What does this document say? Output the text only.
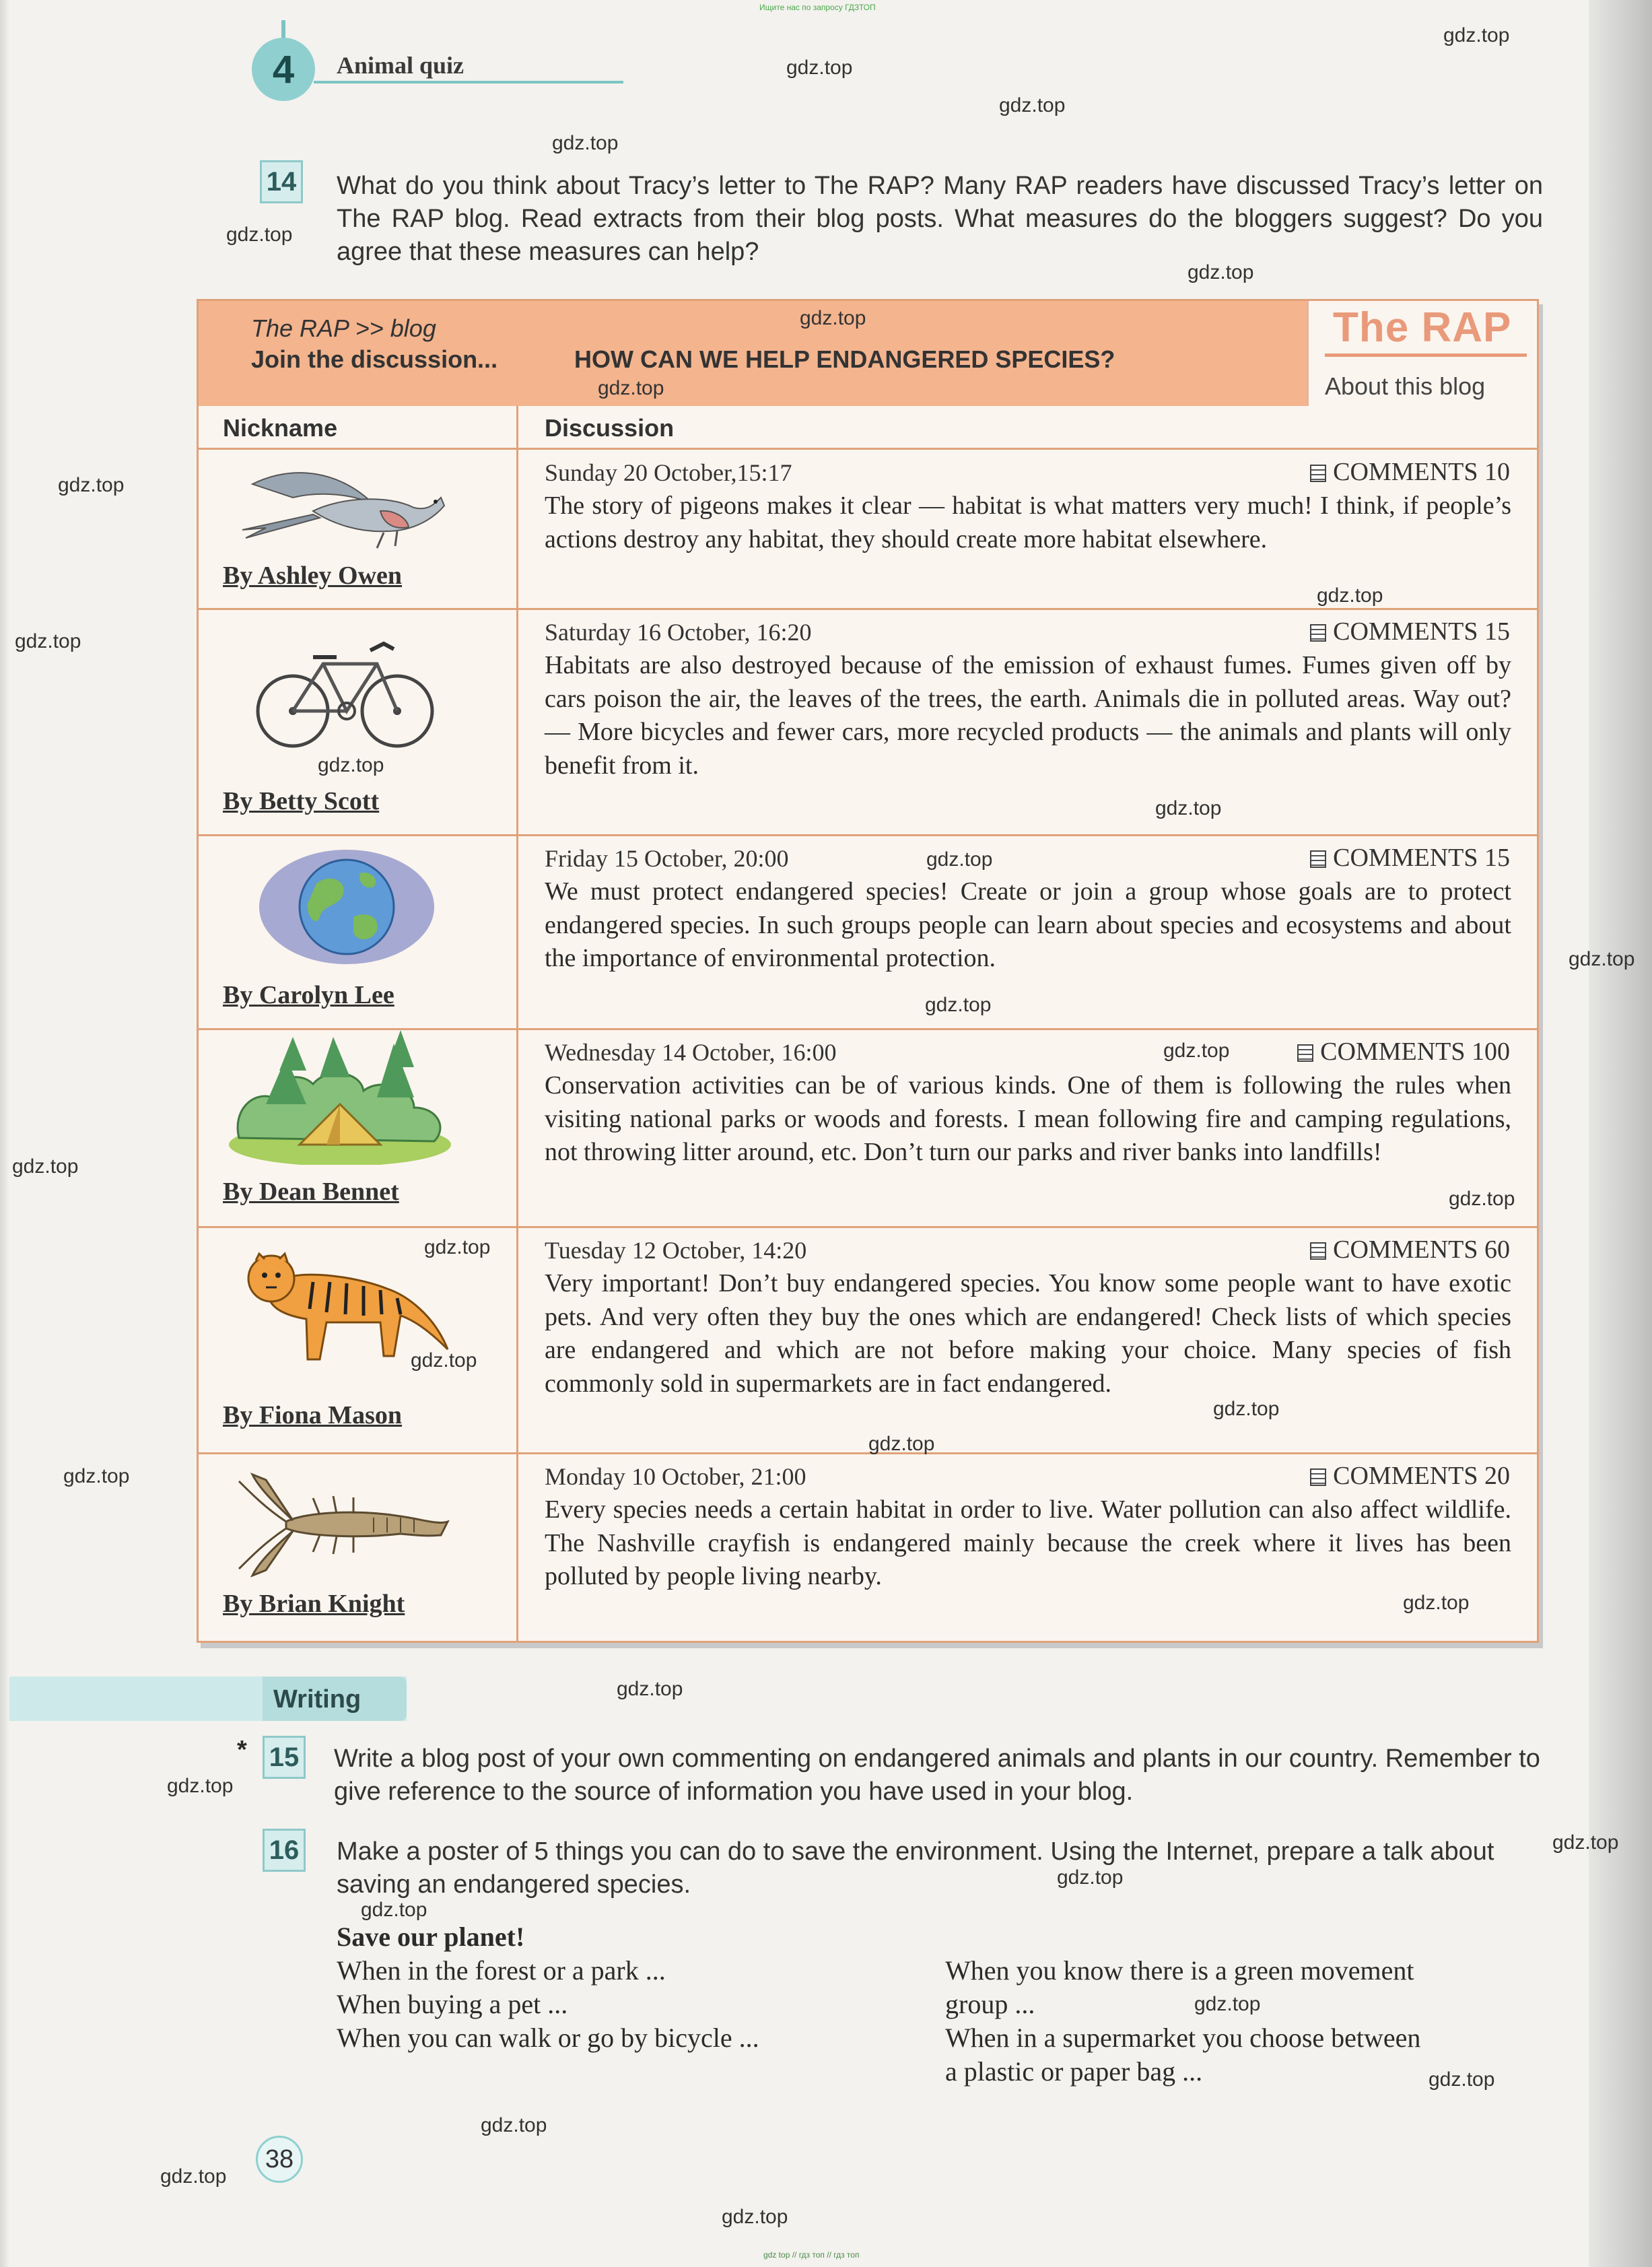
Ищите нас по запросу ГДЗТОП
4	Animal quiz
14 What do you think about Tracy’s letter to The RAP? Many RAP readers have discussed Tracy’s letter on The RAP blog. Read extracts from their blog posts. What measures do the bloggers suggest? Do you agree that these measures can help?
The RAP >> blog
Join the discussion...	HOW CAN WE HELP ENDANGERED SPECIES?
The RAP
About this blog
Nickname	Discussion
By Ashley Owen
Sunday 20 October,15:17	COMMENTS 10
The story of pigeons makes it clear — habitat is what matters very much! I think, if people’s actions destroy any habitat, they should create more habitat elsewhere.
By Betty Scott
Saturday 16 October, 16:20	COMMENTS 15
Habitats are also destroyed because of the emission of exhaust fumes. Fumes given off by cars poison the air, the leaves of the trees, the earth. Animals die in polluted areas. Way out? — More bicycles and fewer cars, more recycled products — the animals and plants will only benefit from it.
By Carolyn Lee
Friday 15 October, 20:00	COMMENTS 15
We must protect endangered species! Create or join a group whose goals are to protect endangered species. In such groups people can learn about species and ecosystems and about the importance of environmental protection.
By Dean Bennet
Wednesday 14 October, 16:00	COMMENTS 100
Conservation activities can be of various kinds. One of them is following the rules when visiting national parks or woods and forests. I mean following fire and camping regulations, not throwing litter around, etc. Don’t turn our parks and river banks into landfills!
By Fiona Mason
Tuesday 12 October, 14:20	COMMENTS 60
Very important! Don’t buy endangered species. You know some people want to have exotic pets. And very often they buy the ones which are endangered! Check lists of which species are endangered and which are not before making your choice. Many species of fish commonly sold in supermarkets are in fact endangered.
By Brian Knight
Monday 10 October, 21:00	COMMENTS 20
Every species needs a certain habitat in order to live. Water pollution can also affect wildlife. The Nashville crayfish is endangered mainly because the creek where it lives has been polluted by people living nearby.
Writing
* 15 Write a blog post of your own commenting on endangered animals and plants in our country. Remember to give reference to the source of information you have used in your blog.
16 Make a poster of 5 things you can do to save the environment. Using the Internet, prepare a talk about saving an endangered species.
Save our planet!
When in the forest or a park ...
When buying a pet ...
When you can walk or go by bicycle ...
When you know there is a green movement
group ...
When in a supermarket you choose between
a plastic or paper bag ...
38
gdz top // гдз топ // гдз топ
gdz.top
gdz.top
gdz.top
gdz.top
gdz.top
gdz.top
gdz.top
gdz.top
gdz.top
gdz.top
gdz.top
gdz.top
gdz.top
gdz.top
gdz.top
gdz.top
gdz.top
gdz.top
gdz.top
gdz.top
gdz.top
gdz.top
gdz.top
gdz.top
gdz.top
gdz.top
gdz.top
gdz.top
gdz.top
gdz.top
gdz.top
gdz.top
gdz.top
gdz.top
gdz.top
